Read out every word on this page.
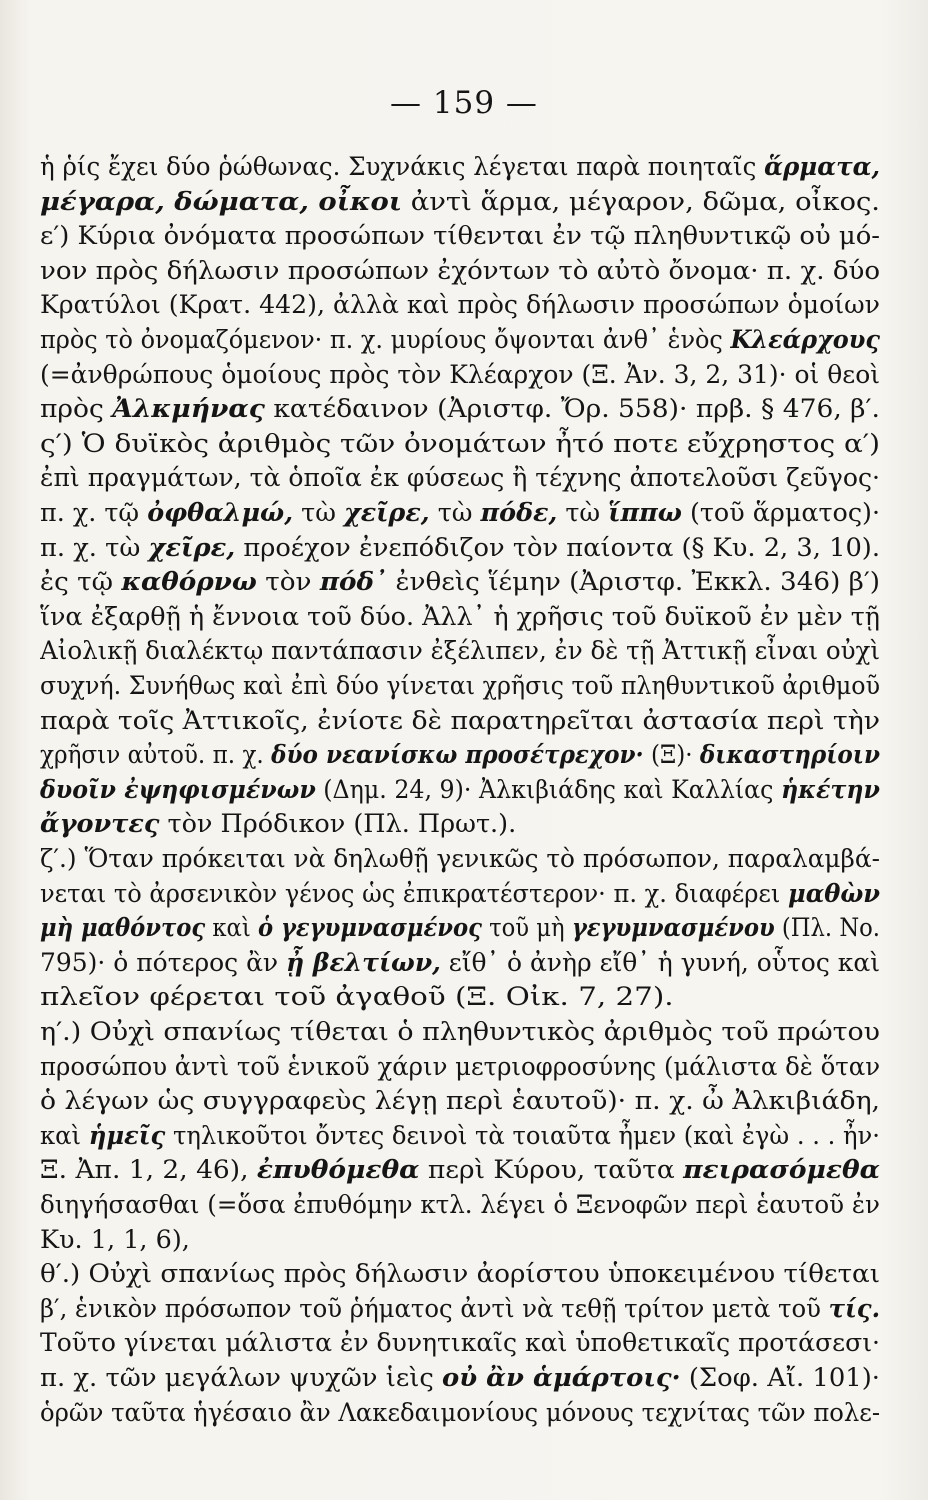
— 159 —
ἡ ῥίς ἔχει δύο ῥώθωνας. Συχνάκις λέγεται παρὰ ποιηταῖς ἅρματα,
μέγαρα, δώματα, οἶκοι ἀντὶ ἅρμα, μέγαρον, δῶμα, οἶκος.
ε′) Κύρια ὀνόματα προσώπων τίθενται ἐν τῷ πληθυντικῷ οὐ μό-
νον πρὸς δήλωσιν προσώπων ἐχόντων τὸ αὐτὸ ὄνομα· π. χ. δύο
Κρατύλοι (Κρατ. 442), ἀλλὰ καὶ πρὸς δήλωσιν προσώπων ὁμοίων
πρὸς τὸ ὀνομαζόμενον· π. χ. μυρίους ὄψονται ἀνθ᾿ ἑνὸς Κλεάρχους
(=ἀνθρώπους ὁμοίους πρὸς τὸν Κλέαρχον (Ξ. Ἀν. 3, 2, 31)· οἱ θεοὶ
πρὸς Ἀλκμήνας κατέδαινον (Ἀριστφ. Ὄρ. 558)· πρβ. § 476, β′.
ς′) Ὁ δυϊκὸς ἀριθμὸς τῶν ὀνομάτων ἦτό ποτε εὔχρηστος α′)
ἐπὶ πραγμάτων, τὰ ὁποῖα ἐκ φύσεως ἢ τέχνης ἀποτελοῦσι ζεῦγος·
π. χ. τῷ ὀφθαλμώ, τὼ χεῖρε, τὼ πόδε, τὼ ἵππω (τοῦ ἅρματος)·
π. χ. τὼ χεῖρε, προέχον ἐνεπόδιζον τὸν παίοντα (§ Κυ. 2, 3, 10).
ἐς τῷ καθόρνω τὸν πόδ᾿ ἐνθεὶς ἵέμην (Ἀριστφ. Ἐκκλ. 346) β′)
ἵνα ἐξαρθῇ ἡ ἔννοια τοῦ δύο. Ἀλλ᾿ ἡ χρῆσις τοῦ δυϊκοῦ ἐν μὲν τῇ
Αἰολικῇ διαλέκτῳ παντάπασιν ἐξέλιπεν, ἐν δὲ τῇ Ἀττικῇ εἶναι οὐχὶ
συχνή. Συνήθως καὶ ἐπὶ δύο γίνεται χρῆσις τοῦ πληθυντικοῦ ἀριθμοῦ
παρὰ τοῖς Ἀττικοῖς, ἐνίοτε δὲ παρατηρεῖται ἀστασία περὶ τὴν
χρῆσιν αὐτοῦ. π. χ. δύο νεανίσκω προσέτρεχον· (Ξ)· δικαστηρίοιν
δυοῖν ἐψηφισμένων (Δημ. 24, 9)· Ἀλκιβιάδης καὶ Καλλίας ἡκέτην
ἄγοντες τὸν Πρόδικον (Πλ. Πρωτ.).
ζ′.) Ὅταν πρόκειται νὰ δηλωθῇ γενικῶς τὸ πρόσωπον, παραλαμβά-
νεται τὸ ἀρσενικὸν γένος ὡς ἐπικρατέστερον· π. χ. διαφέρει μαθὼν
μὴ μαθόντος καὶ ὁ γεγυμνασμένος τοῦ μὴ γεγυμνασμένου (Πλ. Νο.
795)· ὁ πότερος ἂν ᾖ βελτίων, εἴθ᾿ ὁ ἀνὴρ εἴθ᾿ ἡ γυνή, οὗτος καὶ
πλεῖον φέρεται τοῦ ἀγαθοῦ (Ξ. Οἰκ. 7, 27).
η′.) Οὐχὶ σπανίως τίθεται ὁ πληθυντικὸς ἀριθμὸς τοῦ πρώτου
προσώπου ἀντὶ τοῦ ἑνικοῦ χάριν μετριοφροσύνης (μάλιστα δὲ ὅταν
ὁ λέγων ὡς συγγραφεὺς λέγῃ περὶ ἑαυτοῦ)· π. χ. ὦ Ἀλκιβιάδη,
καὶ ἡμεῖς τηλικοῦτοι ὄντες δεινοὶ τὰ τοιαῦτα ἦμεν (καὶ ἐγὼ . . . ἦν·
Ξ. Ἀπ. 1, 2, 46), ἐπυθόμεθα περὶ Κύρου, ταῦτα πειρασόμεθα
διηγήσασθαι (=ὅσα ἐπυθόμην κτλ. λέγει ὁ Ξενοφῶν περὶ ἑαυτοῦ ἐν
Κυ. 1, 1, 6),
θ′.) Οὐχὶ σπανίως πρὸς δήλωσιν ἀορίστου ὑποκειμένου τίθεται
β′, ἑνικὸν πρόσωπον τοῦ ῥήματος ἀντὶ νὰ τεθῇ τρίτον μετὰ τοῦ τίς.
Τοῦτο γίνεται μάλιστα ἐν δυνητικαῖς καὶ ὑποθετικαῖς προτάσεσι·
π. χ. τῶν μεγάλων ψυχῶν ἱεὶς οὐ ἂν ἁμάρτοις· (Σοφ. Αἴ. 101)·
ὁρῶν ταῦτα ἡγέσαιο ἂν Λακεδαιμονίους μόνους τεχνίτας τῶν πολε-
